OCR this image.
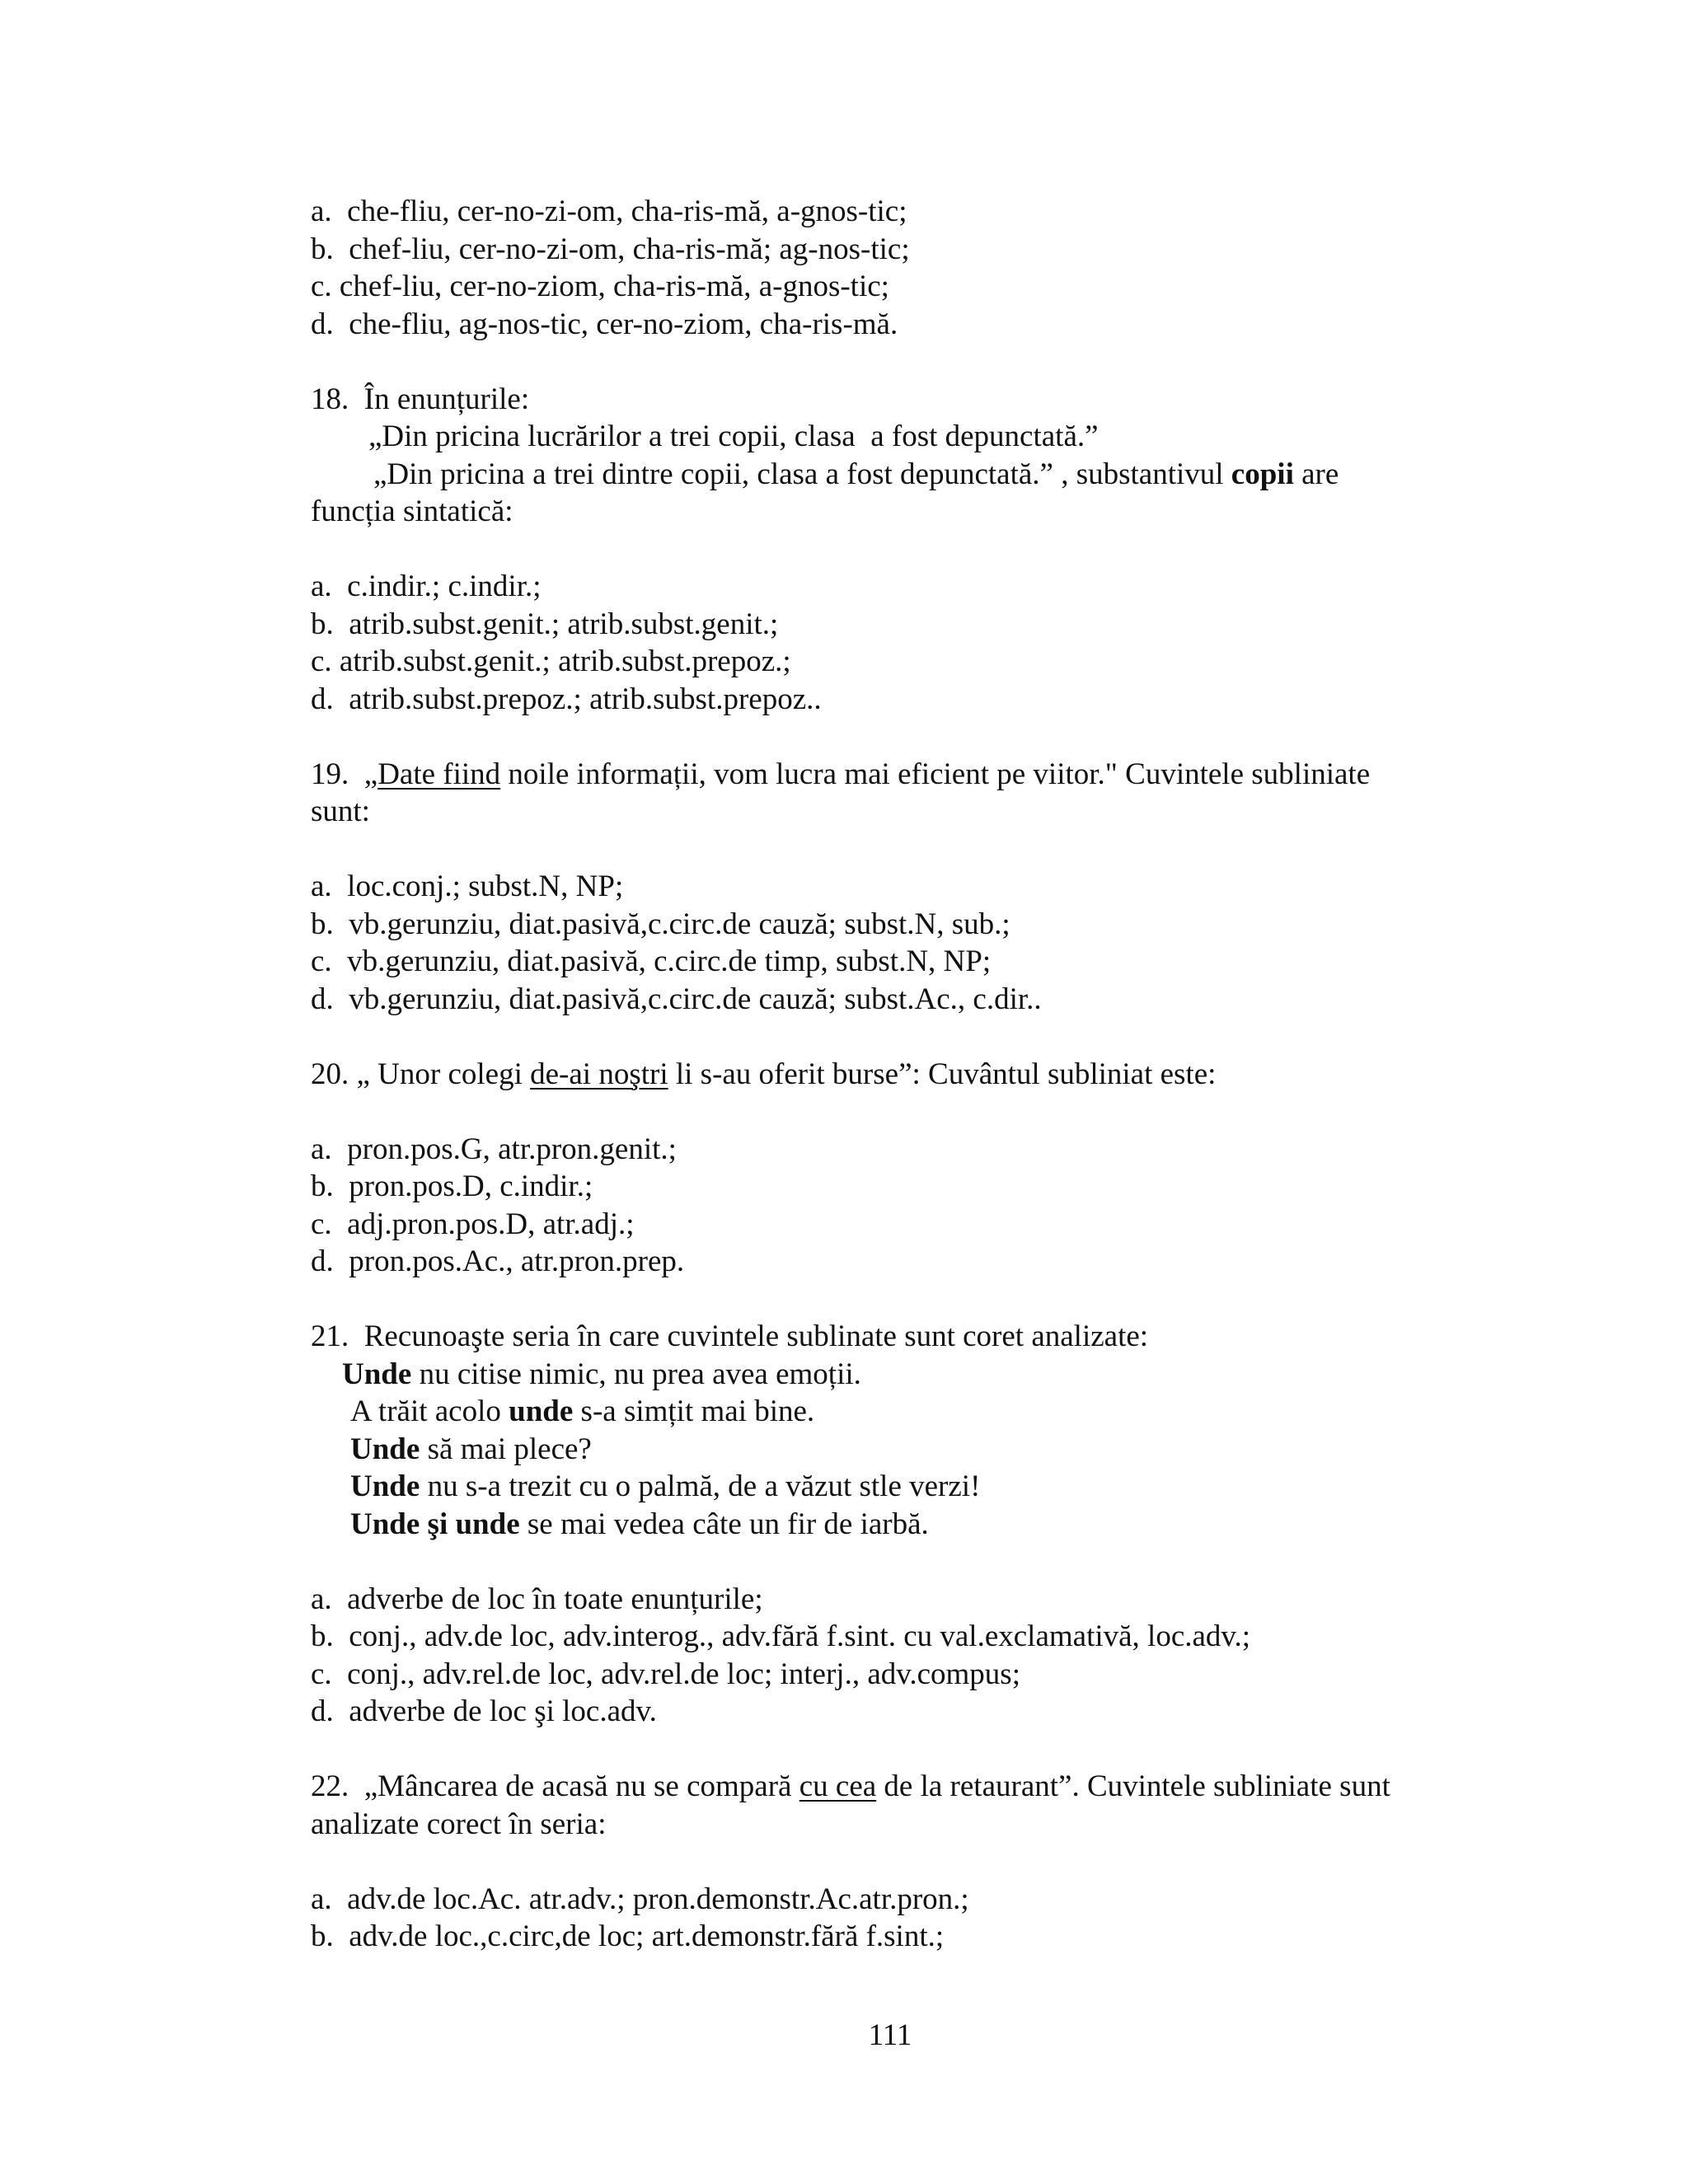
a.  che-fliu, cer-no-zi-om, cha-ris-mă, a-gnos-tic;
b.  chef-liu, cer-no-zi-om, cha-ris-mă; ag-nos-tic;
c. chef-liu, cer-no-ziom, cha-ris-mă, a-gnos-tic;
d.  che-fliu, ag-nos-tic, cer-no-ziom, cha-ris-mă.
18.  În enunțurile:
„Din pricina lucrărilor a trei copii, clasa  a fost depunctată.”
„Din pricina a trei dintre copii, clasa a fost depunctată.” , substantivul copii are
funcția sintatică:
a.  c.indir.; c.indir.;
b.  atrib.subst.genit.; atrib.subst.genit.;
c. atrib.subst.genit.; atrib.subst.prepoz.;
d.  atrib.subst.prepoz.; atrib.subst.prepoz..
19.  „Date fiind noile informații, vom lucra mai eficient pe viitor." Cuvintele subliniate
sunt:
a.  loc.conj.; subst.N, NP;
b.  vb.gerunziu, diat.pasivă,c.circ.de cauză; subst.N, sub.;
c.  vb.gerunziu, diat.pasivă, c.circ.de timp, subst.N, NP;
d.  vb.gerunziu, diat.pasivă,c.circ.de cauză; subst.Ac., c.dir..
20. „ Unor colegi de-ai noştri li s-au oferit burse”: Cuvântul subliniat este:
a.  pron.pos.G, atr.pron.genit.;
b.  pron.pos.D, c.indir.;
c.  adj.pron.pos.D, atr.adj.;
d.  pron.pos.Ac., atr.pron.prep.
21.  Recunoaşte seria în care cuvintele sublinate sunt coret analizate:
Unde nu citise nimic, nu prea avea emoții.
A trăit acolo unde s-a simțit mai bine.
Unde să mai plece?
Unde nu s-a trezit cu o palmă, de a văzut stle verzi!
Unde şi unde se mai vedea câte un fir de iarbă.
a.  adverbe de loc în toate enunțurile;
b.  conj., adv.de loc, adv.interog., adv.fără f.sint. cu val.exclamativă, loc.adv.;
c.  conj., adv.rel.de loc, adv.rel.de loc; interj., adv.compus;
d.  adverbe de loc şi loc.adv.
22.  „Mâncarea de acasă nu se compară cu cea de la retaurant”. Cuvintele subliniate sunt
analizate corect în seria:
a.  adv.de loc.Ac. atr.adv.; pron.demonstr.Ac.atr.pron.;
b.  adv.de loc.,c.circ,de loc; art.demonstr.fără f.sint.;
111
